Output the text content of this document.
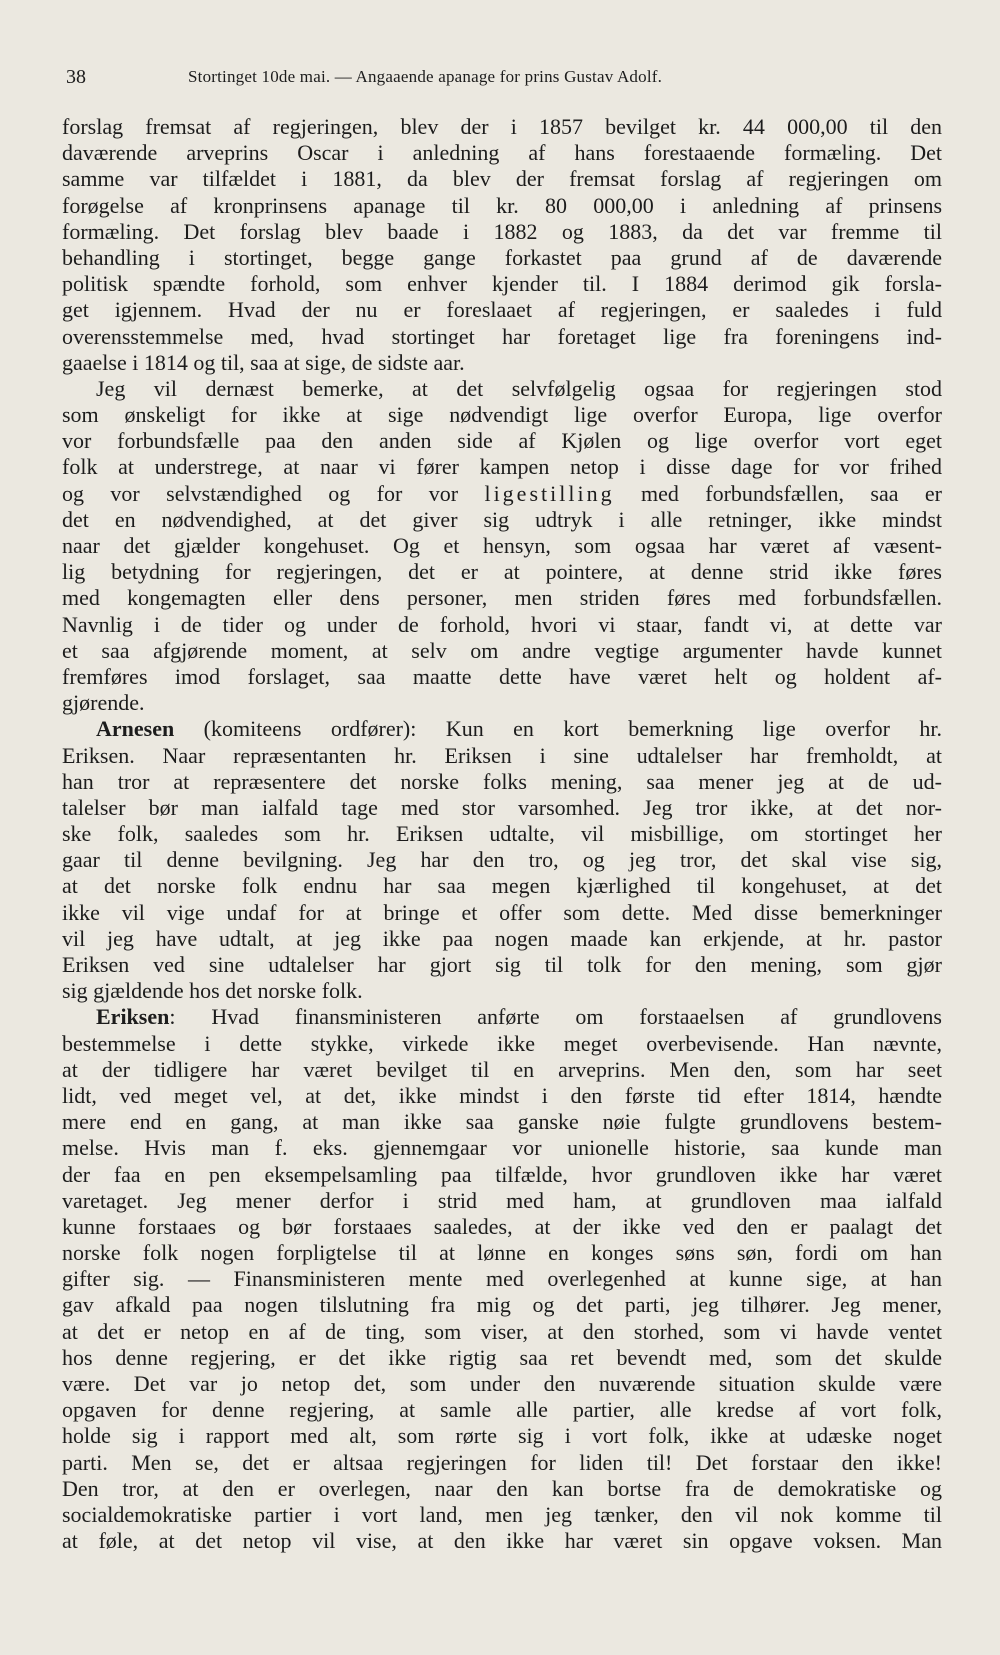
38	Stortinget 10de mai. — Angaaende apanage for prins Gustav Adolf.
forslag fremsat af regjeringen, blev der i 1857 bevilget kr. 44 000,00 til den
daværende arveprins Oscar i anledning af hans forestaaende formæling. Det
samme var tilfældet i 1881, da blev der fremsat forslag af regjeringen om
forøgelse af kronprinsens apanage til kr. 80 000,00 i anledning af prinsens
formæling. Det forslag blev baade i 1882 og 1883, da det var fremme til
behandling i stortinget, begge gange forkastet paa grund af de daværende
politisk spændte forhold, som enhver kjender til. I 1884 derimod gik forsla-
get igjennem. Hvad der nu er foreslaaet af regjeringen, er saaledes i fuld
overensstemmelse med, hvad stortinget har foretaget lige fra foreningens ind-
gaaelse i 1814 og til, saa at sige, de sidste aar.
Jeg vil dernæst bemerke, at det selvfølgelig ogsaa for regjeringen stod
som ønskeligt for ikke at sige nødvendigt lige overfor Europa, lige overfor
vor forbundsfælle paa den anden side af Kjølen og lige overfor vort eget
folk at understrege, at naar vi fører kampen netop i disse dage for vor frihed
og vor selvstændighed og for vor ligestilling med forbundsfællen, saa er
det en nødvendighed, at det giver sig udtryk i alle retninger, ikke mindst
naar det gjælder kongehuset. Og et hensyn, som ogsaa har været af væsent-
lig betydning for regjeringen, det er at pointere, at denne strid ikke føres
med kongemagten eller dens personer, men striden føres med forbundsfællen.
Navnlig i de tider og under de forhold, hvori vi staar, fandt vi, at dette var
et saa afgjørende moment, at selv om andre vegtige argumenter havde kunnet
fremføres imod forslaget, saa maatte dette have været helt og holdent af-
gjørende.
Arnesen (komiteens ordfører): Kun en kort bemerkning lige overfor hr.
Eriksen. Naar repræsentanten hr. Eriksen i sine udtalelser har fremholdt, at
han tror at repræsentere det norske folks mening, saa mener jeg at de ud-
talelser bør man ialfald tage med stor varsomhed. Jeg tror ikke, at det nor-
ske folk, saaledes som hr. Eriksen udtalte, vil misbillige, om stortinget her
gaar til denne bevilgning. Jeg har den tro, og jeg tror, det skal vise sig,
at det norske folk endnu har saa megen kjærlighed til kongehuset, at det
ikke vil vige undaf for at bringe et offer som dette. Med disse bemerkninger
vil jeg have udtalt, at jeg ikke paa nogen maade kan erkjende, at hr. pastor
Eriksen ved sine udtalelser har gjort sig til tolk for den mening, som gjør
sig gjældende hos det norske folk.
Eriksen: Hvad finansministeren anførte om forstaaelsen af grundlovens
bestemmelse i dette stykke, virkede ikke meget overbevisende. Han nævnte,
at der tidligere har været bevilget til en arveprins. Men den, som har seet
lidt, ved meget vel, at det, ikke mindst i den første tid efter 1814, hændte
mere end en gang, at man ikke saa ganske nøie fulgte grundlovens bestem-
melse. Hvis man f. eks. gjennemgaar vor unionelle historie, saa kunde man
der faa en pen eksempelsamling paa tilfælde, hvor grundloven ikke har været
varetaget. Jeg mener derfor i strid med ham, at grundloven maa ialfald
kunne forstaaes og bør forstaaes saaledes, at der ikke ved den er paalagt det
norske folk nogen forpligtelse til at lønne en konges søns søn, fordi om han
gifter sig. — Finansministeren mente med overlegenhed at kunne sige, at han
gav afkald paa nogen tilslutning fra mig og det parti, jeg tilhører. Jeg mener,
at det er netop en af de ting, som viser, at den storhed, som vi havde ventet
hos denne regjering, er det ikke rigtig saa ret bevendt med, som det skulde
være. Det var jo netop det, som under den nuværende situation skulde være
opgaven for denne regjering, at samle alle partier, alle kredse af vort folk,
holde sig i rapport med alt, som rørte sig i vort folk, ikke at udæske noget
parti. Men se, det er altsaa regjeringen for liden til! Det forstaar den ikke!
Den tror, at den er overlegen, naar den kan bortse fra de demokratiske og
socialdemokratiske partier i vort land, men jeg tænker, den vil nok komme til
at føle, at det netop vil vise, at den ikke har været sin opgave voksen. Man
